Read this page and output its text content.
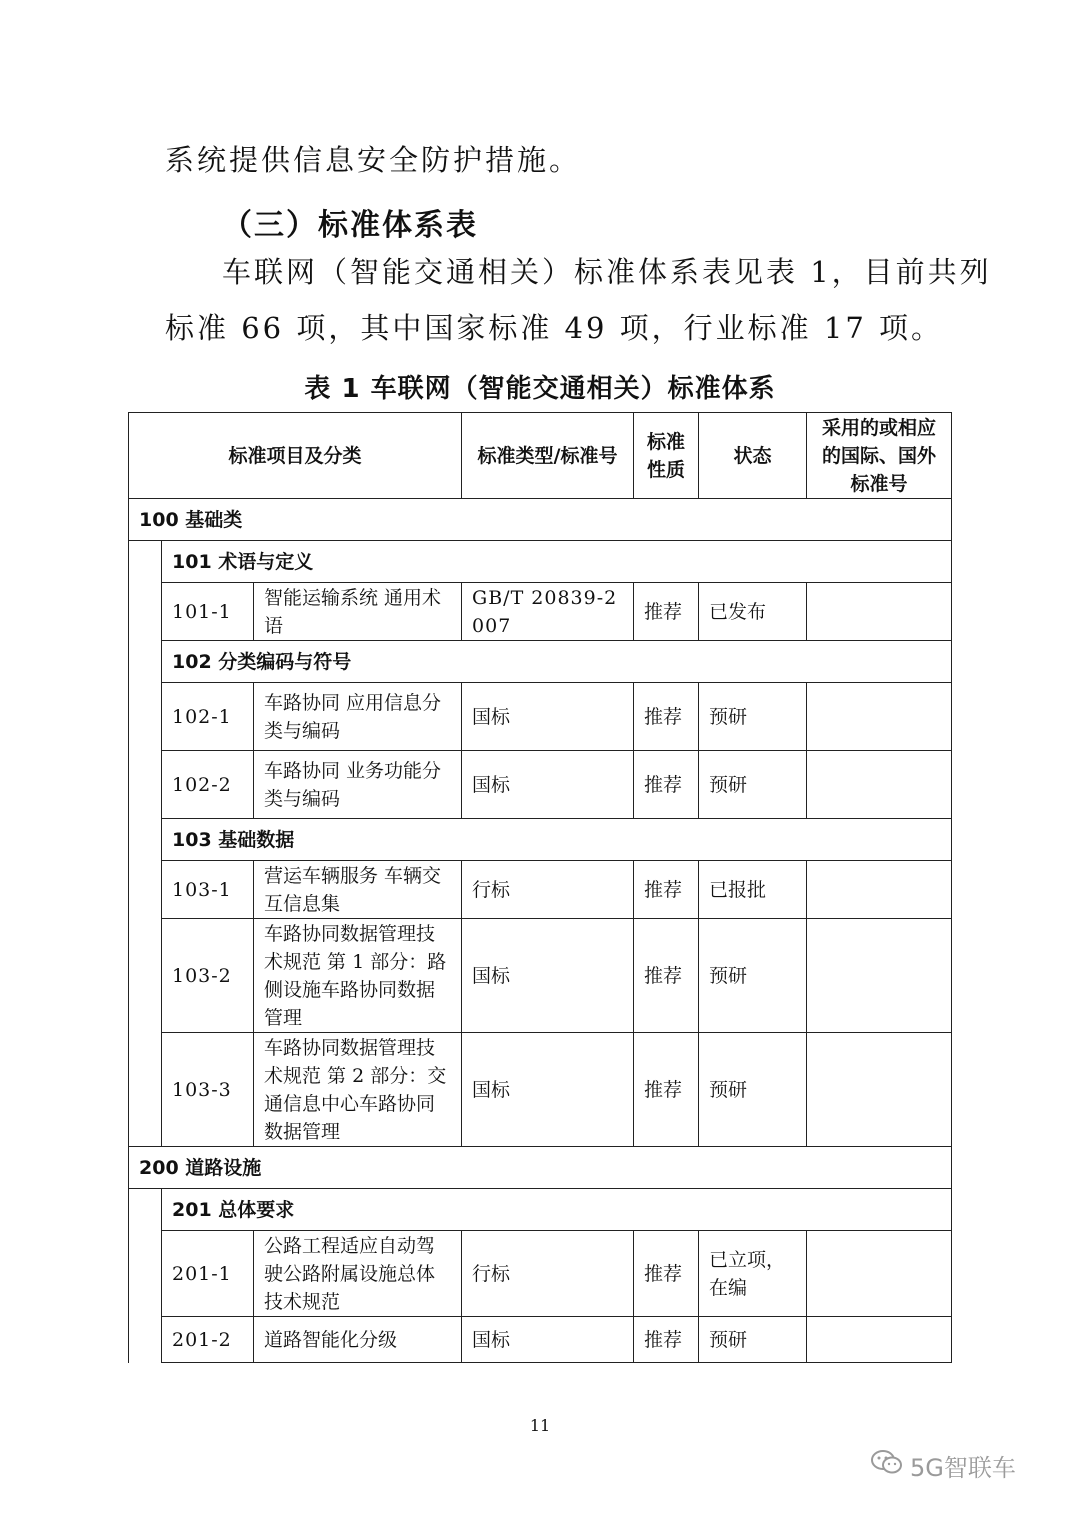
系统提供信息安全防护措施。
（三）标准体系表
车联网（智能交通相关）标准体系表见表 1，目前共列
标准 66 项，其中国家标准 49 项，行业标准 17 项。
表 1 车联网（智能交通相关）标准体系
标准项目及分类			标准类型/标准号	标准性质	状态	采用的或相应的国际、国外标准号
100 基础类						
	101 术语与定义					
	101-1	智能运输系统 通用术语	GB/T 20839-2007	推荐	已发布	
	102 分类编码与符号					
	102-1	车路协同 应用信息分类与编码	国标	推荐	预研	
	102-2	车路协同 业务功能分类与编码	国标	推荐	预研	
	103 基础数据					
	103-1	营运车辆服务 车辆交互信息集	行标	推荐	已报批	
	103-2	车路协同数据管理技术规范 第 1 部分：路侧设施车路协同数据管理	国标	推荐	预研	
	103-3	车路协同数据管理技术规范 第 2 部分：交通信息中心车路协同数据管理	国标	推荐	预研	
200 道路设施						
	201 总体要求					
	201-1	公路工程适应自动驾驶公路附属设施总体技术规范	行标	推荐	已立项，在编	
	201-2	道路智能化分级	国标	推荐	预研	
11
5G智联车
